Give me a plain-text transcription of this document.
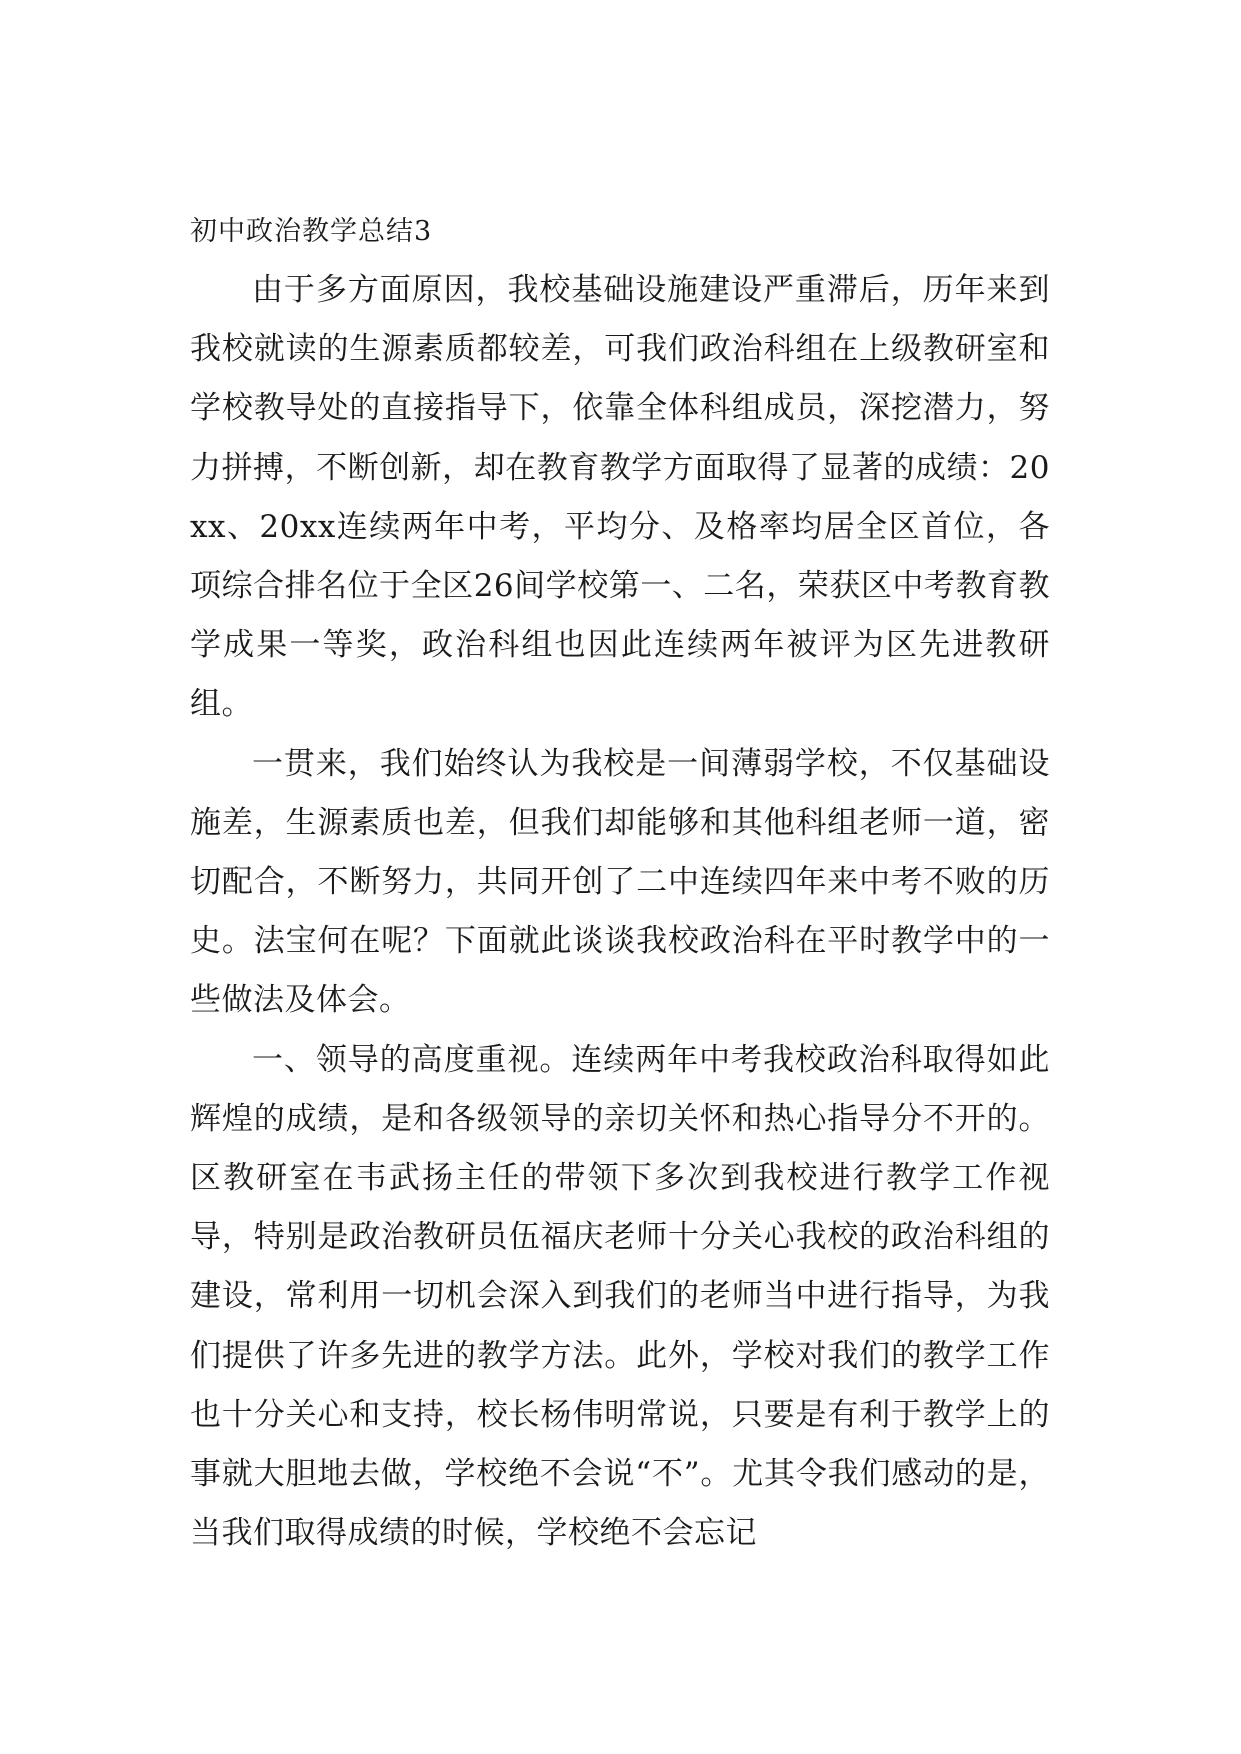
初中政治教学总结3

由于多方面原因，我校基础设施建设严重滞后，历年来到我校就读的生源素质都较差，可我们政治科组在上级教研室和学校教导处的直接指导下，依靠全体科组成员，深挖潜力，努力拼搏，不断创新，却在教育教学方面取得了显著的成绩：20xx、20xx连续两年中考，平均分、及格率均居全区首位，各项综合排名位于全区26间学校第一、二名，荣获区中考教育教学成果一等奖，政治科组也因此连续两年被评为区先进教研组。

一贯来，我们始终认为我校是一间薄弱学校，不仅基础设施差，生源素质也差，但我们却能够和其他科组老师一道，密切配合，不断努力，共同开创了二中连续四年来中考不败的历史。法宝何在呢？下面就此谈谈我校政治科在平时教学中的一些做法及体会。

一、领导的高度重视。连续两年中考我校政治科取得如此辉煌的成绩，是和各级领导的亲切关怀和热心指导分不开的。区教研室在韦武扬主任的带领下多次到我校进行教学工作视导，特别是政治教研员伍福庆老师十分关心我校的政治科组的建设，常利用一切机会深入到我们的老师当中进行指导，为我们提供了许多先进的教学方法。此外，学校对我们的教学工作也十分关心和支持，校长杨伟明常说，只要是有利于教学上的事就大胆地去做，学校绝不会说“不”。尤其令我们感动的是，当我们取得成绩的时候，学校绝不会忘记
